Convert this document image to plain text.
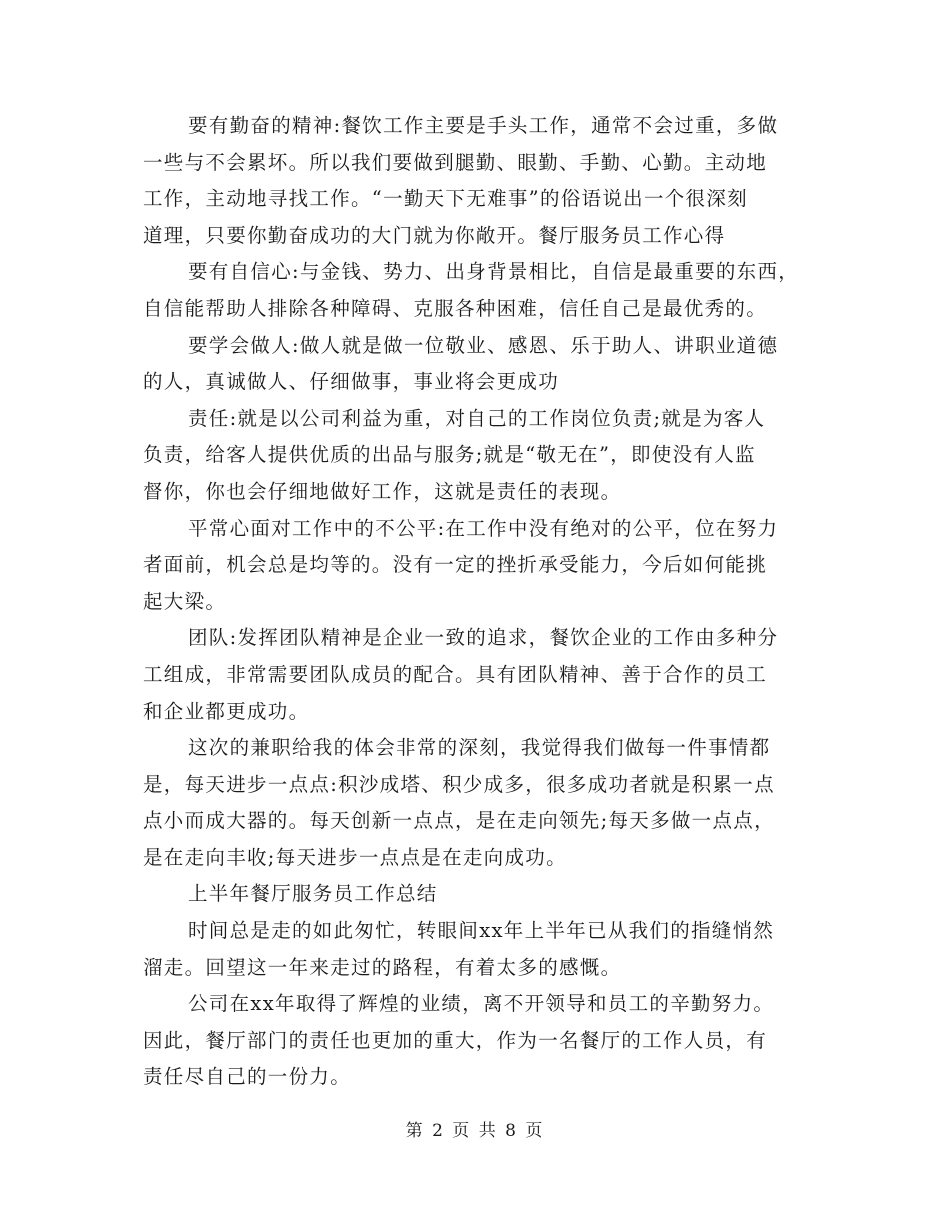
要有勤奋的精神:餐饮工作主要是手头工作，通常不会过重，多做
一些与不会累坏。所以我们要做到腿勤、眼勤、手勤、心勤。主动地
工作，主动地寻找工作。“一勤天下无难事”的俗语说出一个很深刻
道理，只要你勤奋成功的大门就为你敞开。餐厅服务员工作心得
要有自信心:与金钱、势力、出身背景相比，自信是最重要的东西，
自信能帮助人排除各种障碍、克服各种困难，信任自己是最优秀的。
要学会做人:做人就是做一位敬业、感恩、乐于助人、讲职业道德
的人，真诚做人、仔细做事，事业将会更成功
责任:就是以公司利益为重，对自己的工作岗位负责;就是为客人
负责，给客人提供优质的出品与服务;就是“敬无在”，即使没有人监
督你，你也会仔细地做好工作，这就是责任的表现。
平常心面对工作中的不公平:在工作中没有绝对的公平，位在努力
者面前，机会总是均等的。没有一定的挫折承受能力，今后如何能挑
起大梁。
团队:发挥团队精神是企业一致的追求，餐饮企业的工作由多种分
工组成，非常需要团队成员的配合。具有团队精神、善于合作的员工
和企业都更成功。
这次的兼职给我的体会非常的深刻，我觉得我们做每一件事情都
是，每天进步一点点:积沙成塔、积少成多，很多成功者就是积累一点
点小而成大器的。每天创新一点点，是在走向领先;每天多做一点点，
是在走向丰收;每天进步一点点是在走向成功。
上半年餐厅服务员工作总结
时间总是走的如此匆忙，转眼间xx年上半年已从我们的指缝悄然
溜走。回望这一年来走过的路程，有着太多的感慨。
公司在xx年取得了辉煌的业绩，离不开领导和员工的辛勤努力。
因此，餐厅部门的责任也更加的重大，作为一名餐厅的工作人员，有
责任尽自己的一份力。
第 2 页 共 8 页
